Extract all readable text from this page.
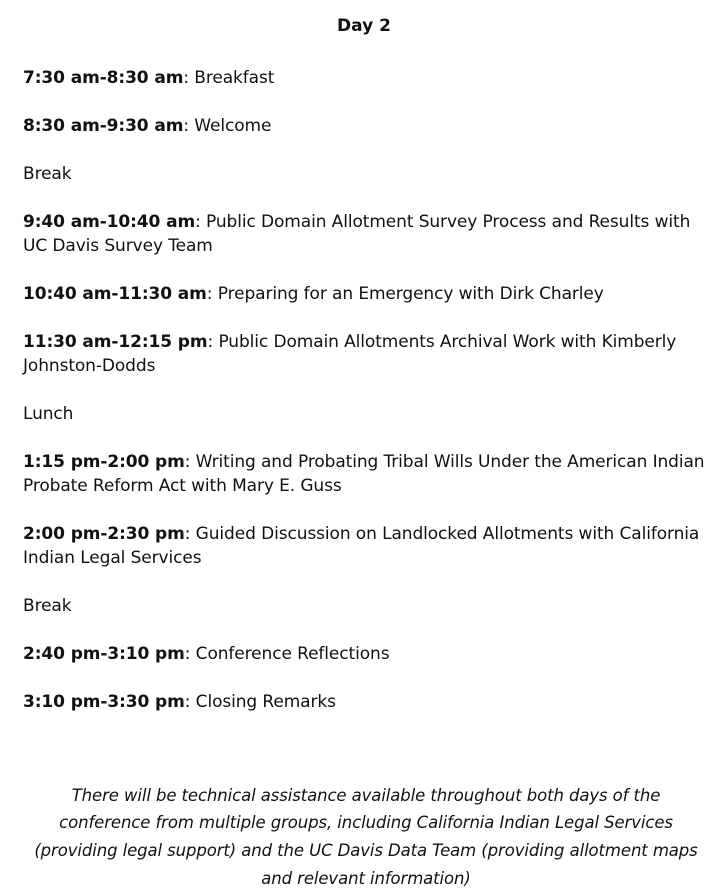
Day 2
7:30 am-8:30 am: Breakfast
8:30 am-9:30 am: Welcome
Break
9:40 am-10:40 am: Public Domain Allotment Survey Process and Results with UC Davis Survey Team
10:40 am-11:30 am: Preparing for an Emergency with Dirk Charley
11:30 am-12:15 pm: Public Domain Allotments Archival Work with Kimberly Johnston-Dodds
Lunch
1:15 pm-2:00 pm: Writing and Probating Tribal Wills Under the American Indian Probate Reform Act with Mary E. Guss
2:00 pm-2:30 pm: Guided Discussion on Landlocked Allotments with California Indian Legal Services
Break
2:40 pm-3:10 pm: Conference Reflections
3:10 pm-3:30 pm: Closing Remarks

There will be technical assistance available throughout both days of the conference from multiple groups, including California Indian Legal Services (providing legal support) and the UC Davis Data Team (providing allotment maps and relevant information)
